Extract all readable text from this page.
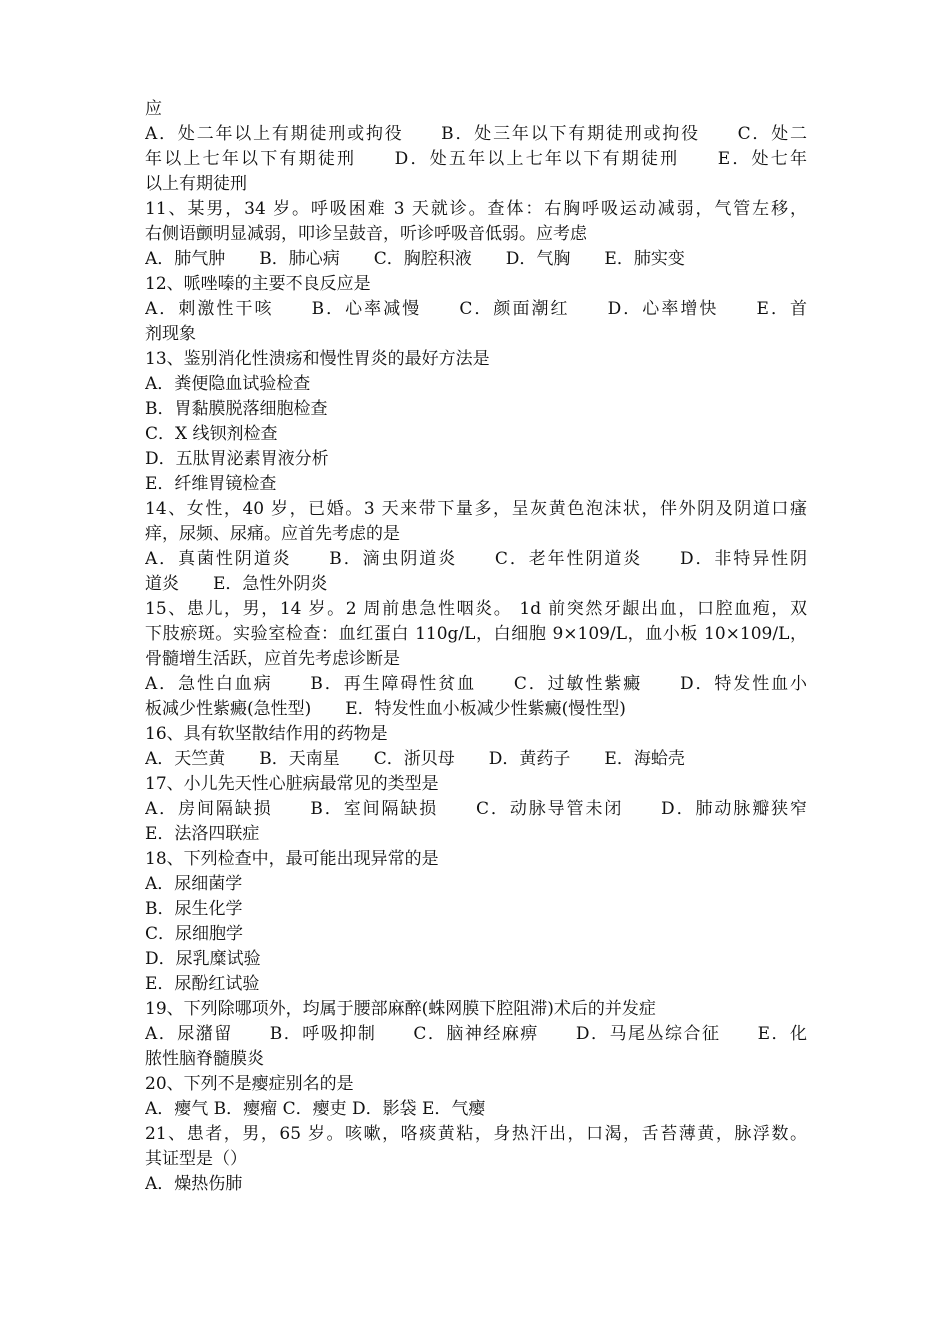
应
A．处二年以上有期徒刑或拘役　　B．处三年以下有期徒刑或拘役　　C．处二
年以上七年以下有期徒刑　　D．处五年以上七年以下有期徒刑　　E．处七年
以上有期徒刑
11、某男，34 岁。呼吸困难 3 天就诊。查体：右胸呼吸运动减弱，气管左移，
右侧语颤明显减弱，叩诊呈鼓音，听诊呼吸音低弱。应考虑
A．肺气肿　　B．肺心病　　C．胸腔积液　　D．气胸　　E．肺实变
12、哌唑嗪的主要不良反应是
A．刺激性干咳　　B．心率减慢　　C．颜面潮红　　D．心率增快　　E．首
剂现象
13、鉴别消化性溃疡和慢性胃炎的最好方法是
A．粪便隐血试验检查
B．胃黏膜脱落细胞检查
C．X 线钡剂检查
D．五肽胃泌素胃液分析
E．纤维胃镜检查
14、女性，40 岁，已婚。3 天来带下量多，呈灰黄色泡沫状，伴外阴及阴道口瘙
痒，尿频、尿痛。应首先考虑的是
A．真菌性阴道炎　　B．滴虫阴道炎　　C．老年性阴道炎　　D．非特异性阴
道炎　　E．急性外阴炎
15、患儿，男，14 岁。2 周前患急性咽炎。 1d 前突然牙龈出血，口腔血疱，双
下肢瘀斑。实验室检查：血红蛋白 110g/L，白细胞 9×109/L，血小板 10×109/L，
骨髓增生活跃，应首先考虑诊断是
A．急性白血病　　B．再生障碍性贫血　　C．过敏性紫癜　　D．特发性血小
板减少性紫癜(急性型)　　E．特发性血小板减少性紫癜(慢性型)
16、具有软坚散结作用的药物是
A．天竺黄　　B．天南星　　C．浙贝母　　D．黄药子　　E．海蛤壳
17、小儿先天性心脏病最常见的类型是
A．房间隔缺损　　B．室间隔缺损　　C．动脉导管未闭　　D．肺动脉瓣狭窄
E．法洛四联症
18、下列检查中，最可能出现异常的是
A．尿细菌学
B．尿生化学
C．尿细胞学
D．尿乳糜试验
E．尿酚红试验
19、下列除哪项外，均属于腰部麻醉(蛛网膜下腔阻滞)术后的并发症
A．尿潴留　　B．呼吸抑制　　C．脑神经麻痹　　D．马尾丛综合征　　E．化
脓性脑脊髓膜炎
20、下列不是瘿症别名的是
A．瘿气 B．瘿瘤 C．瘿吏 D．影袋 E．气瘿
21、患者，男，65 岁。咳嗽，咯痰黄粘，身热汗出，口渴，舌苔薄黄，脉浮数。
其证型是（）
A．燥热伤肺
